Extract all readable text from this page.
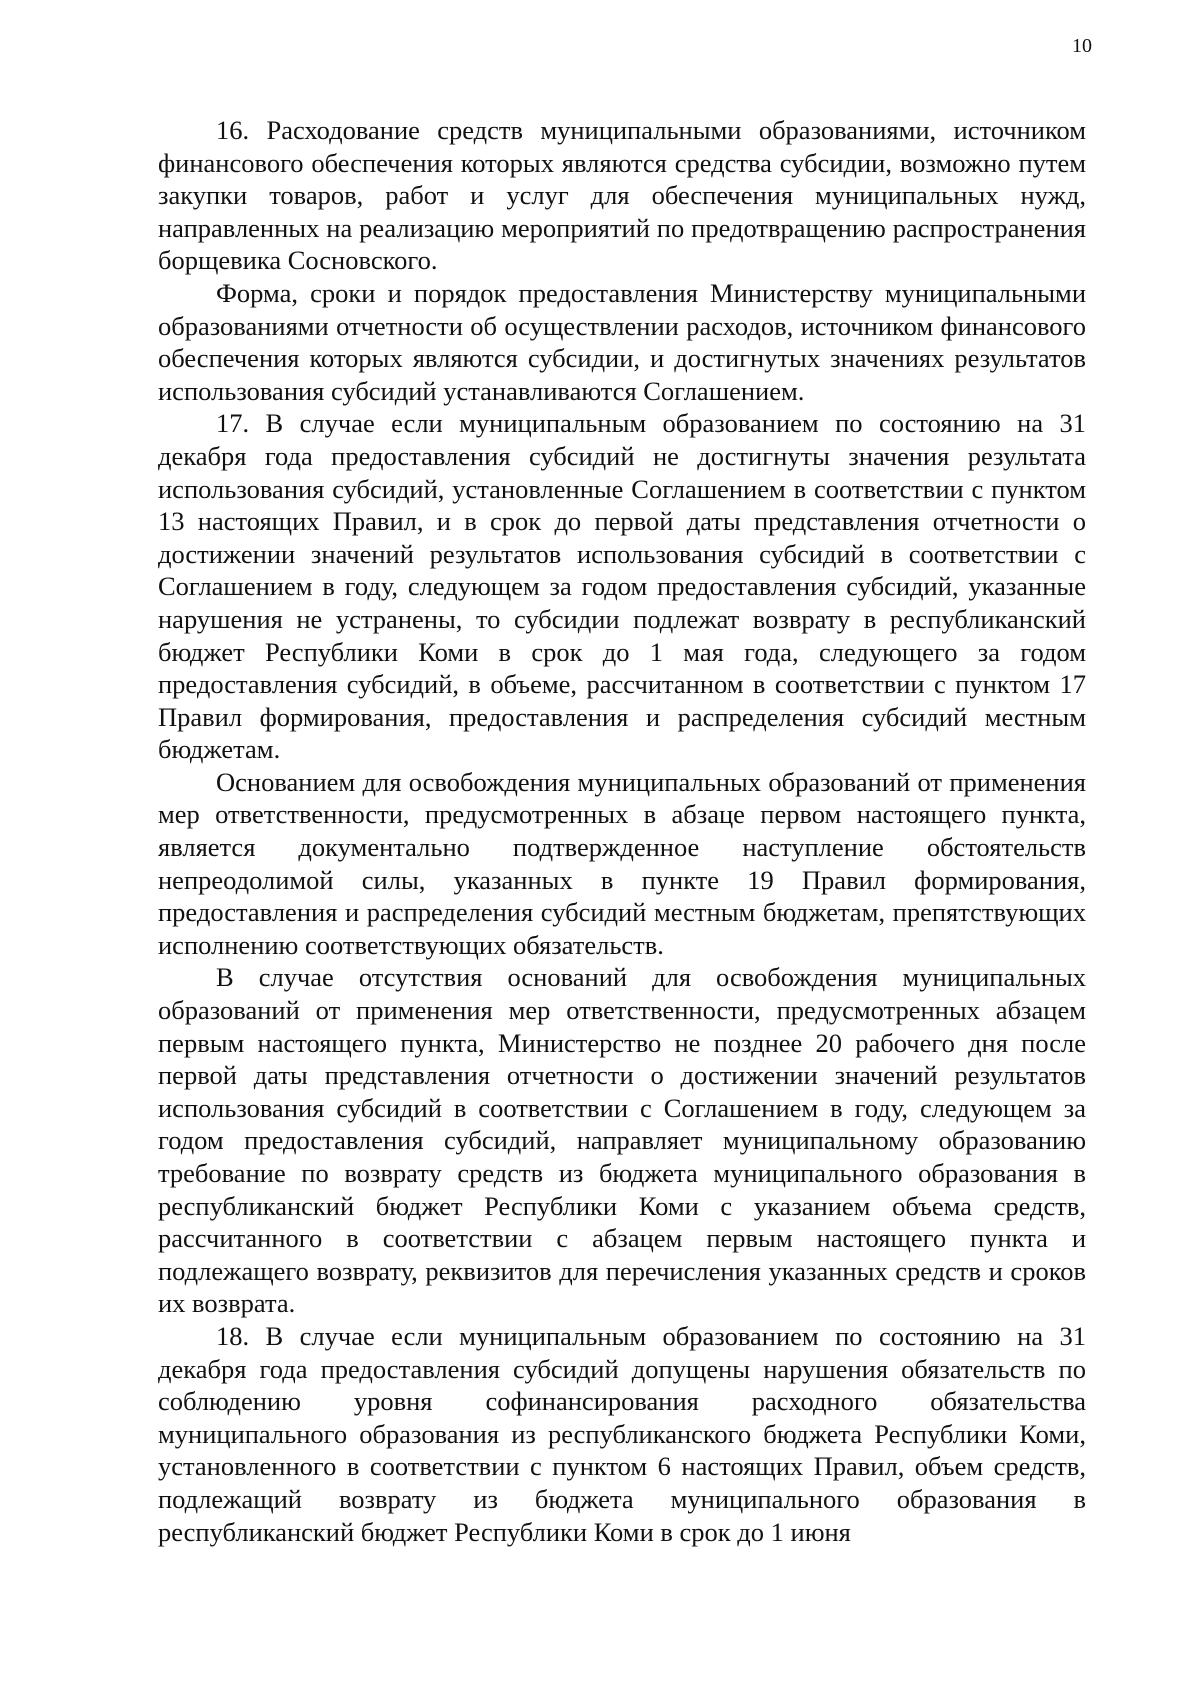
10

16. Расходование средств муниципальными образованиями, источником финансового обеспечения которых являются средства субсидии, возможно путем закупки товаров, работ и услуг для обеспечения муниципальных нужд, направленных на реализацию мероприятий по предотвращению распространения борщевика Сосновского.

Форма, сроки и порядок предоставления Министерству муниципальными образованиями отчетности об осуществлении расходов, источником финансового обеспечения которых являются субсидии, и достигнутых значениях результатов использования субсидий устанавливаются Соглашением.

17. В случае если муниципальным образованием по состоянию на 31 декабря года предоставления субсидий не достигнуты значения результата использования субсидий, установленные Соглашением в соответствии с пунктом 13 настоящих Правил, и в срок до первой даты представления отчетности о достижении значений результатов использования субсидий в соответствии с Соглашением в году, следующем за годом предоставления субсидий, указанные нарушения не устранены, то субсидии подлежат возврату в республиканский бюджет Республики Коми в срок до 1 мая года, следующего за годом предоставления субсидий, в объеме, рассчитанном в соответствии с пунктом 17 Правил формирования, предоставления и распределения субсидий местным бюджетам.

Основанием для освобождения муниципальных образований от применения мер ответственности, предусмотренных в абзаце первом настоящего пункта, является документально подтвержденное наступление обстоятельств непреодолимой силы, указанных в пункте 19 Правил формирования, предоставления и распределения субсидий местным бюджетам, препятствующих исполнению соответствующих обязательств.

В случае отсутствия оснований для освобождения муниципальных образований от применения мер ответственности, предусмотренных абзацем первым настоящего пункта, Министерство не позднее 20 рабочего дня после первой даты представления отчетности о достижении значений результатов использования субсидий в соответствии с Соглашением в году, следующем за годом предоставления субсидий, направляет муниципальному образованию требование по возврату средств из бюджета муниципального образования в республиканский бюджет Республики Коми с указанием объема средств, рассчитанного в соответствии с абзацем первым настоящего пункта и подлежащего возврату, реквизитов для перечисления указанных средств и сроков их возврата.

18. В случае если муниципальным образованием по состоянию на 31 декабря года предоставления субсидий допущены нарушения обязательств по соблюдению уровня софинансирования расходного обязательства муниципального образования из республиканского бюджета Республики Коми, установленного в соответствии с пунктом 6 настоящих Правил, объем средств, подлежащий возврату из бюджета муниципального образования в республиканский бюджет Республики Коми в срок до 1 июня
